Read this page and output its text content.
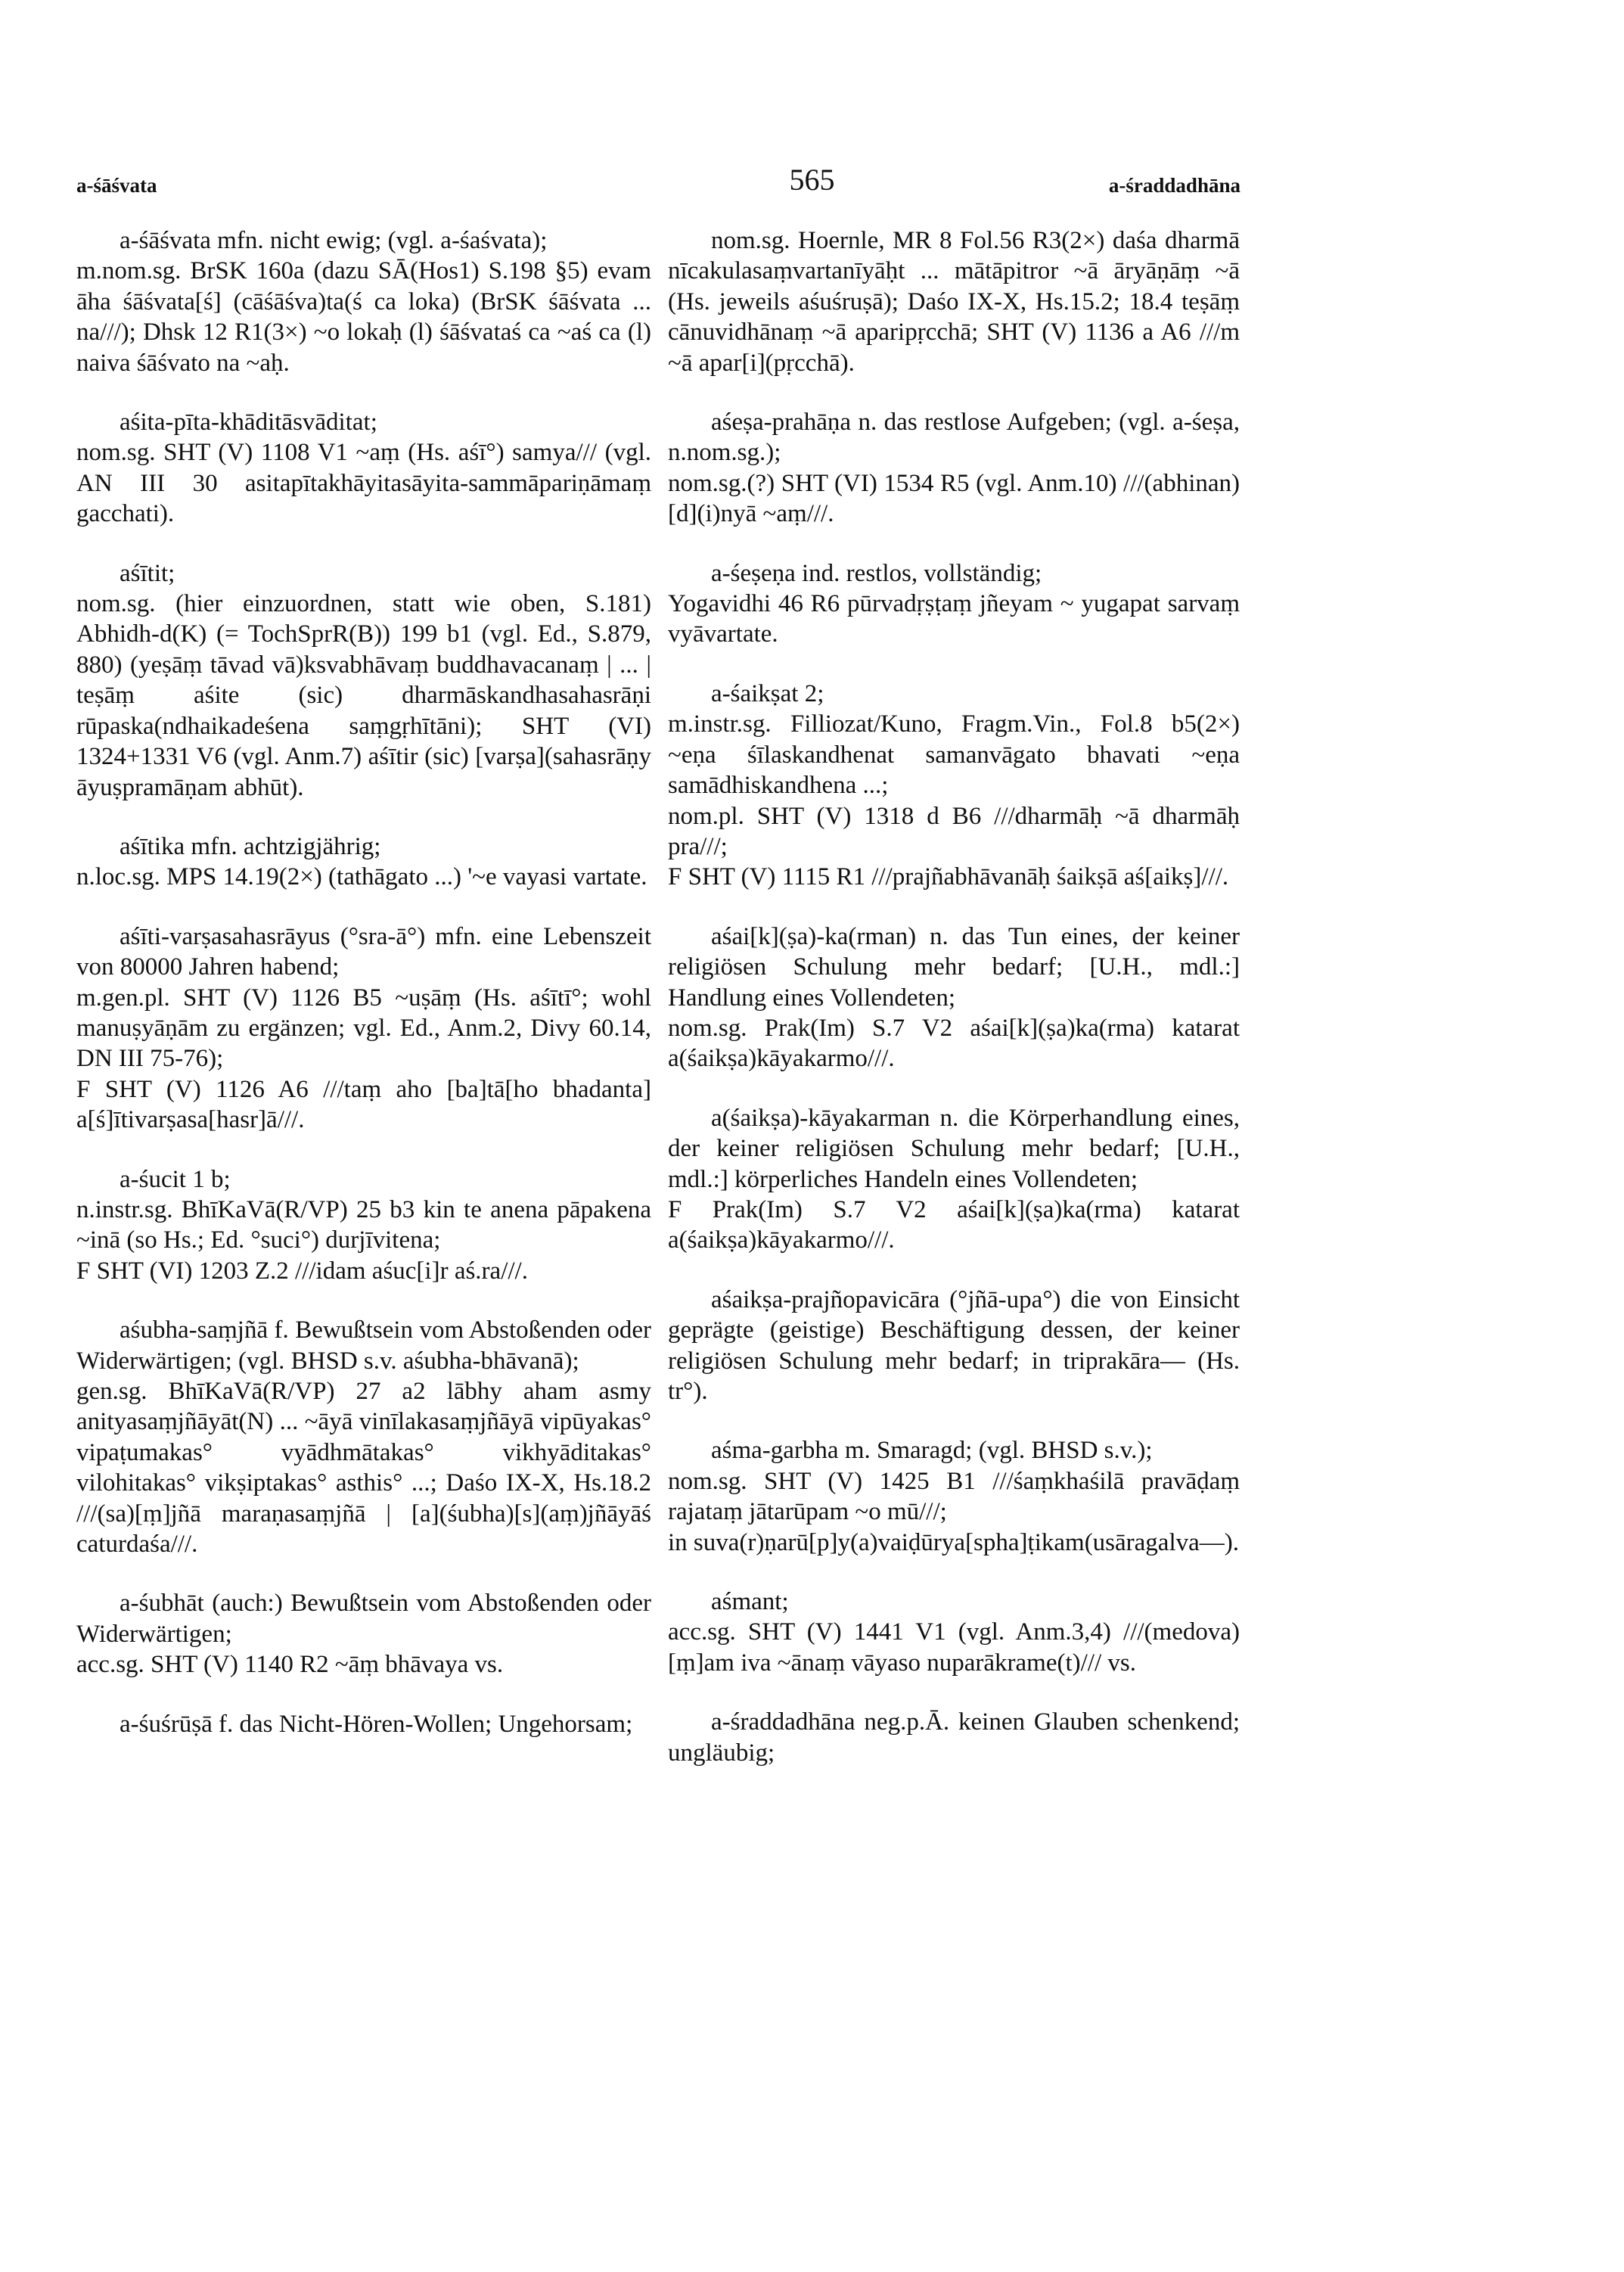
a-śāśvata	565	a-śraddadhāna

a-śāśvata mfn. nicht ewig; (vgl. a-śaśvata);

m.nom.sg. BrSK 160a (dazu SĀ(Hos1) S.198 §5) evam āha śāśvata[ś] (cāśāśva)ta(ś ca loka) (BrSK śāśvata ... na///); Dhsk 12 R1(3×) ~o lokaḥ (l) śāśvataś ca ~aś ca (l) naiva śāśvato na ~aḥ.

aśita-pīta-khāditāsvāditat;

nom.sg. SHT (V) 1108 V1 ~aṃ (Hs. aśī°) samya/// (vgl. AN III 30 asitapītakhāyitasāyita-sammāpariṇāmaṃ gacchati).

aśītit;

nom.sg. (hier einzuordnen, statt wie oben, S.181) Abhidh-d(K) (= TochSprR(B)) 199 b1 (vgl. Ed., S.879, 880) (yeṣāṃ tāvad vā)ksvabhāvaṃ buddhavacanaṃ | ... | teṣāṃ aśite (sic) dharmāskandhasahasrāṇi rūpaska(ndhaikadeśena saṃgṛhītāni); SHT (VI) 1324+1331 V6 (vgl. Anm.7) aśītir (sic) [varṣa](sahasrāṇy āyuṣpramāṇam abhūt).

aśītika mfn. achtzigjährig;

n.loc.sg. MPS 14.19(2×) (tathāgato ...) '~e vayasi vartate.

aśīti-varṣasahasrāyus (°sra-ā°) mfn. eine Lebenszeit von 80000 Jahren habend;

m.gen.pl. SHT (V) 1126 B5 ~uṣāṃ (Hs. aśītī°; wohl manuṣyāṇām zu ergänzen; vgl. Ed., Anm.2, Divy 60.14, DN III 75-76);

F SHT (V) 1126 A6 ///taṃ aho [ba]tā[ho bhadanta] a[ś]ītivarṣasa[hasr]ā///.

a-śucit 1 b;

n.instr.sg. BhīKaVā(R/VP) 25 b3 kin te anena pāpakena ~inā (so Hs.; Ed. °suci°) durjīvitena;

F SHT (VI) 1203 Z.2 ///idam aśuc[i]r aś.ra///.

aśubha-saṃjñā f. Bewußtsein vom Abstoßenden oder Widerwärtigen; (vgl. BHSD s.v. aśubha-bhāvanā);

gen.sg. BhīKaVā(R/VP) 27 a2 lābhy aham asmy anityasaṃjñāyāt(N) ... ~āyā vinīlakasaṃjñāyā vipūyakas° vipaṭumakas° vyādhmātakas° vikhyāditakas° vilohitakas° vikṣiptakas° asthis° ...; Daśo IX-X, Hs.18.2 ///(sa)[ṃ]jñā maraṇasaṃjñā | [a](śubha)[s](aṃ)jñāyāś caturdaśa///.

a-śubhāt (auch:) Bewußtsein vom Abstoßenden oder Widerwärtigen;

acc.sg. SHT (V) 1140 R2 ~āṃ bhāvaya vs.

a-śuśrūṣā f. das Nicht-Hören-Wollen; Ungehorsam;

nom.sg. Hoernle, MR 8 Fol.56 R3(2×) daśa dharmā nīcakulasaṃvartanīyāḥt ... mātāpitror ~ā āryāṇāṃ ~ā (Hs. jeweils aśuśruṣā); Daśo IX-X, Hs.15.2; 18.4 teṣāṃ cānuvidhānaṃ ~ā aparipṛcchā; SHT (V) 1136 a A6 ///m ~ā apar[i](pṛcchā).

aśeṣa-prahāṇa n. das restlose Aufgeben; (vgl. a-śeṣa, n.nom.sg.);

nom.sg.(?) SHT (VI) 1534 R5 (vgl. Anm.10) ///(abhinan)[d](i)nyā ~aṃ///.

a-śeṣeṇa ind. restlos, vollständig;

Yogavidhi 46 R6 pūrvadṛṣṭaṃ jñeyam ~ yugapat sarvaṃ vyāvartate.

a-śaikṣat 2;

m.instr.sg. Filliozat/Kuno, Fragm.Vin., Fol.8 b5(2×) ~eṇa śīlaskandhenat samanvāgato bhavati ~eṇa samādhiskandhena ...;

nom.pl. SHT (V) 1318 d B6 ///dharmāḥ ~ā dharmāḥ pra///;

F SHT (V) 1115 R1 ///prajñabhāvanāḥ śaikṣā aś[aikṣ]///.

aśai[k](ṣa)-ka(rman) n. das Tun eines, der keiner religiösen Schulung mehr bedarf; [U.H., mdl.:] Handlung eines Vollendeten;

nom.sg. Prak(Im) S.7 V2 aśai[k](ṣa)ka(rma) katarat a(śaikṣa)kāyakarmo///.

a(śaikṣa)-kāyakarman n. die Körperhandlung eines, der keiner religiösen Schulung mehr bedarf; [U.H., mdl.:] körperliches Handeln eines Vollendeten;

F Prak(Im) S.7 V2 aśai[k](ṣa)ka(rma) katarat a(śaikṣa)kāyakarmo///.

aśaikṣa-prajñopavicāra (°jñā-upa°) die von Einsicht geprägte (geistige) Beschäftigung dessen, der keiner religiösen Schulung mehr bedarf; in triprakāra— (Hs. tr°).

aśma-garbha m. Smaragd; (vgl. BHSD s.v.);

nom.sg. SHT (V) 1425 B1 ///śaṃkhaśilā pravāḍaṃ rajataṃ jātarūpam ~o mū///;

in suva(r)ṇarū[p]y(a)vaiḍūrya[spha]ṭikam(usāragalva—).

aśmant;

acc.sg. SHT (V) 1441 V1 (vgl. Anm.3,4) ///(medova)[ṃ]am iva ~ānaṃ vāyaso nuparākrame(t)/// vs.

a-śraddadhāna neg.p.Ā. keinen Glauben schenkend; ungläubig;
